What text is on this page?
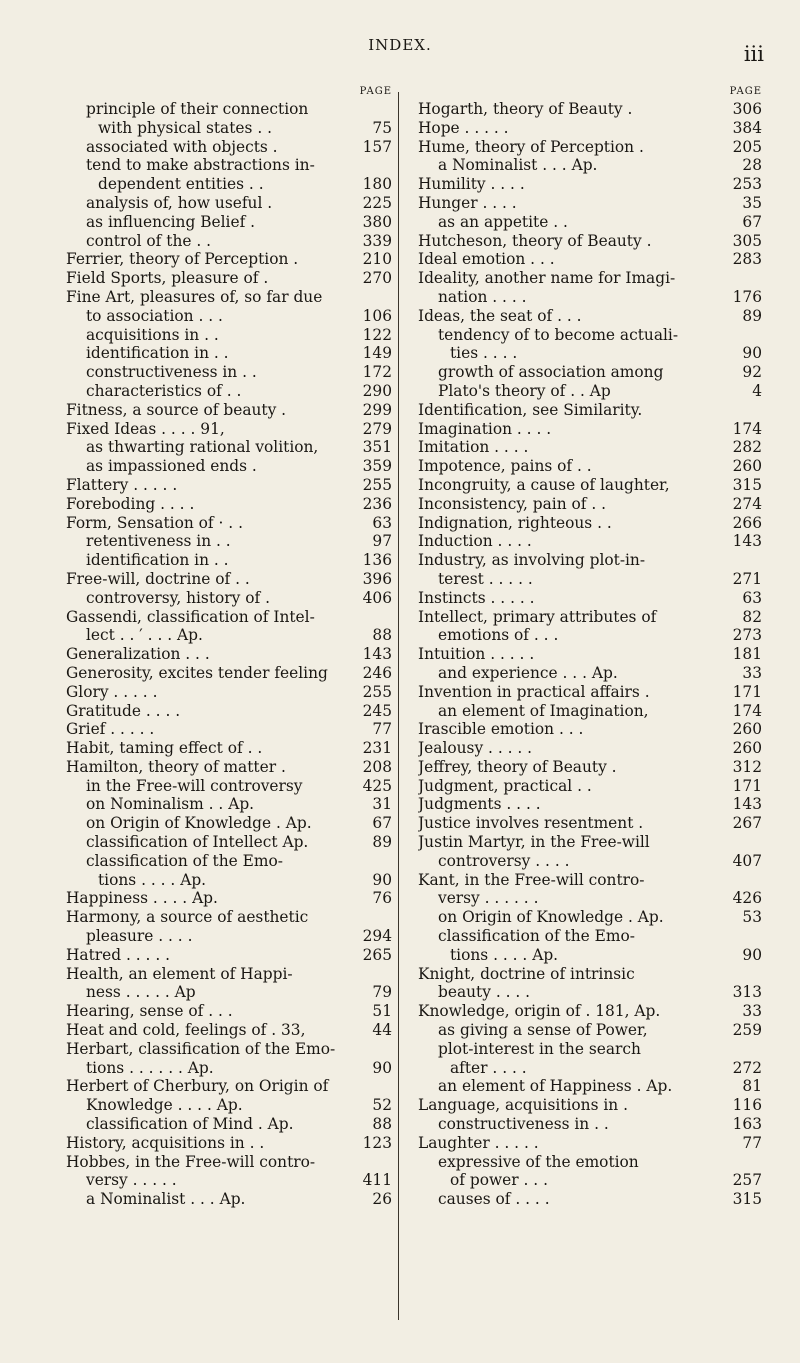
INDEX.	iii
PAGE
principle of their connection
with physical states . .	75
associated with objects .	157
tend to make abstractions in-
dependent entities . .	180
analysis of, how useful .	225
as influencing Belief .	380
control of the . .	339
Ferrier, theory of Perception .	210
Field Sports, pleasure of .	270
Fine Art, pleasures of, so far due
to association . . .	106
acquisitions in . .	122
identification in . .	149
constructiveness in . .	172
characteristics of . .	290
Fitness, a source of beauty .	299
Fixed Ideas . . . . 91,	279
as thwarting rational volition,	351
as impassioned ends .	359
Flattery . . . . .	255
Foreboding . . . .	236
Form, Sensation of · . .	63
retentiveness in . .	97
identification in . .	136
Free-will, doctrine of . .	396
controversy, history of .	406
Gassendi, classification of Intel-
lect . . ′ . . . Ap.	88
Generalization . . .	143
Generosity, excites tender feeling	246
Glory . . . . .	255
Gratitude . . . .	245
Grief . . . . .	77
Habit, taming effect of . .	231
Hamilton, theory of matter .	208
in the Free-will controversy	425
on Nominalism . . Ap.	31
on Origin of Knowledge . Ap.	67
classification of Intellect Ap.	89
classification of the Emo-
tions . . . . Ap.	90
Happiness . . . . Ap.	76
Harmony, a source of aesthetic
pleasure . . . .	294
Hatred . . . . .	265
Health, an element of Happi-
ness . . . . . Ap	79
Hearing, sense of . . .	51
Heat and cold, feelings of . 33,	44
Herbart, classification of the Emo-
tions . . . . . . Ap.	90
Herbert of Cherbury, on Origin of
Knowledge . . . . Ap.	52
classification of Mind . Ap.	88
History, acquisitions in . .	123
Hobbes, in the Free-will contro-
versy . . . . .	411
a Nominalist . . . Ap.	26
PAGE
Hogarth, theory of Beauty .	306
Hope . . . . .	384
Hume, theory of Perception .	205
a Nominalist . . . Ap.	28
Humility . . . .	253
Hunger . . . .	35
as an appetite . .	67
Hutcheson, theory of Beauty .	305
Ideal emotion . . .	283
Ideality, another name for Imagi-
nation . . . .	176
Ideas, the seat of . . .	89
tendency of to become actuali-
ties . . . .	90
growth of association among	92
Plato's theory of . . Ap	4
Identification, see Similarity.
Imagination . . . .	174
Imitation . . . .	282
Impotence, pains of . .	260
Incongruity, a cause of laughter,	315
Inconsistency, pain of . .	274
Indignation, righteous . .	266
Induction . . . .	143
Industry, as involving plot-in-
terest . . . . .	271
Instincts . . . . .	63
Intellect, primary attributes of	82
emotions of . . .	273
Intuition . . . . .	181
and experience . . . Ap.	33
Invention in practical affairs .	171
an element of Imagination,	174
Irascible emotion . . .	260
Jealousy . . . . .	260
Jeffrey, theory of Beauty .	312
Judgment, practical . .	171
Judgments . . . .	143
Justice involves resentment .	267
Justin Martyr, in the Free-will
controversy . . . .	407
Kant, in the Free-will contro-
versy . . . . . .	426
on Origin of Knowledge . Ap.	53
classification of the Emo-
tions . . . . Ap.	90
Knight, doctrine of intrinsic
beauty . . . .	313
Knowledge, origin of . 181, Ap.	33
as giving a sense of Power,	259
plot-interest in the search
after . . . .	272
an element of Happiness . Ap.	81
Language, acquisitions in .	116
constructiveness in . .	163
Laughter . . . . .	77
expressive of the emotion
of power . . .	257
causes of . . . .	315
